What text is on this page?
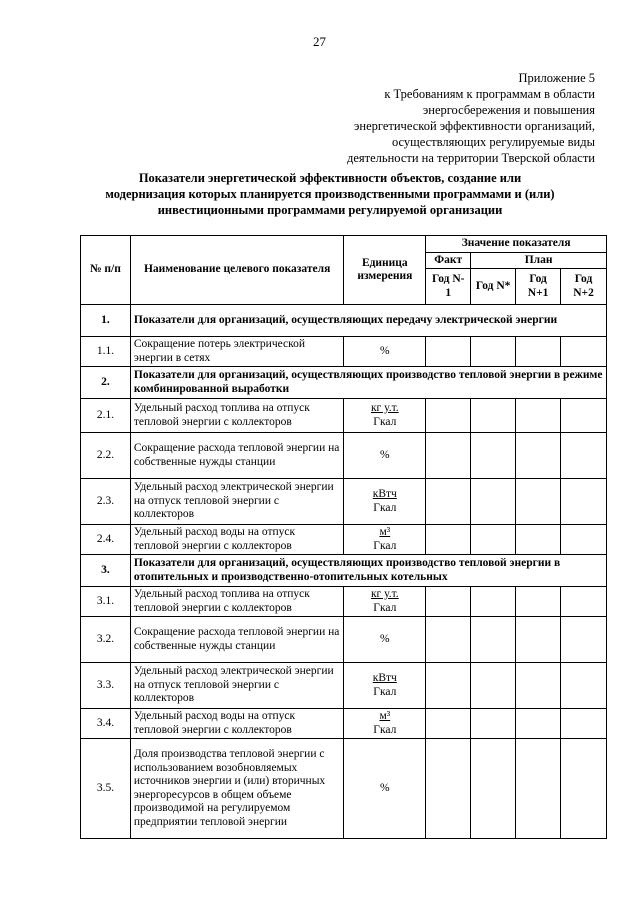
27
Приложение 5
к Требованиям к программам в области
энергосбережения и повышения
энергетической эффективности организаций,
осуществляющих регулируемые виды
деятельности на территории Тверской области
Показатели энергетической эффективности объектов, создание или
модернизация которых планируется производственными программами и (или)
инвестиционными программами регулируемой организации
№ п/п	Наименование целевого показателя	Единица измерения	Значение показателя			
			Факт	План		
			Год N-1	Год N*	Год N+1	Год N+2
1.	Показатели для организаций, осуществляющих передачу электрической энергии					
1.1.	Сокращение потерь электрической энергии в сетях	%				
2.	Показатели для организаций, осуществляющих производство тепловой энергии в режиме комбинированной выработки					
2.1.	Удельный расход топлива на отпуск тепловой энергии с коллекторов	$\frac{\text{кг у.т.}}{\text{Гкал}}$

2.2.	Сокращение расхода тепловой энергии на собственные нужды станции	%				
2.3.	Удельный расход электрической энергии на отпуск тепловой энергии с коллекторов	$\frac{\text{кВтч}}{\text{Гкал}}$

2.4.	Удельный расход воды на отпуск тепловой энергии с коллекторов	$\frac{\text{м³}}{\text{Гкал}}$

3.	Показатели для организаций, осуществляющих производство тепловой энергии в отопительных и производственно-отопительных котельных					
3.1.	Удельный расход топлива на отпуск тепловой энергии с коллекторов	$\frac{\text{кг у.т.}}{\text{Гкал}}$

3.2.	Сокращение расхода тепловой энергии на собственные нужды станции	%				
3.3.	Удельный расход электрической энергии на отпуск тепловой энергии с коллекторов	$\frac{\text{кВтч}}{\text{Гкал}}$

3.4.	Удельный расход воды на отпуск тепловой энергии с коллекторов	$\frac{\text{м³}}{\text{Гкал}}$

3.5.	Доля производства тепловой энергии с использованием возобновляемых источников энергии и (или) вторичных энергоресурсов в общем объеме производимой на регулируемом предприятии тепловой энергии	%				
